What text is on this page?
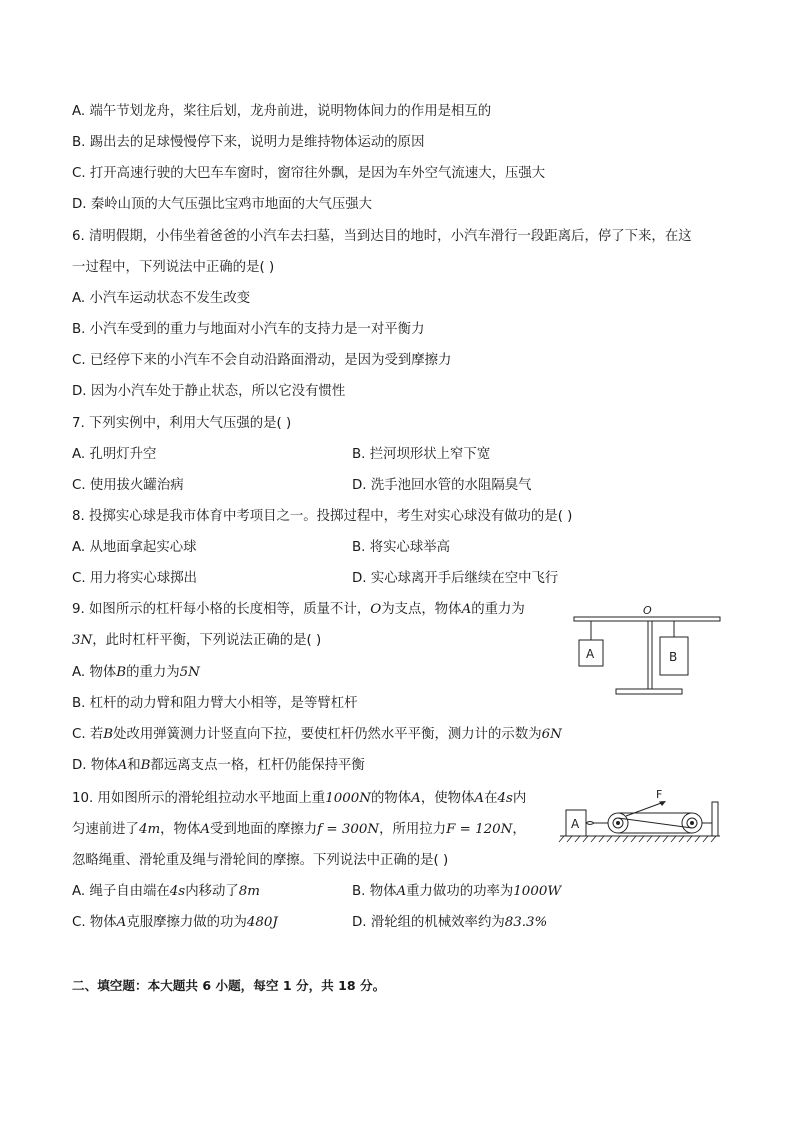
A. 端午节划龙舟，桨往后划，龙舟前进，说明物体间力的作用是相互的
B. 踢出去的足球慢慢停下来，说明力是维持物体运动的原因
C. 打开高速行驶的大巴车车窗时，窗帘往外飘，是因为车外空气流速大，压强大
D. 秦岭山顶的大气压强比宝鸡市地面的大气压强大
6. 清明假期，小伟坐着爸爸的小汽车去扫墓，当到达目的地时，小汽车滑行一段距离后，停了下来，在这
一过程中，下列说法中正确的是( )
A. 小汽车运动状态不发生改变
B. 小汽车受到的重力与地面对小汽车的支持力是一对平衡力
C. 已经停下来的小汽车不会自动沿路面滑动，是因为受到摩擦力
D. 因为小汽车处于静止状态，所以它没有惯性
7. 下列实例中，利用大气压强的是( )
A. 孔明灯升空	B. 拦河坝形状上窄下宽
C. 使用拔火罐治病	D. 洗手池回水管的水阻隔臭气
8. 投掷实心球是我市体育中考项目之一。投掷过程中，考生对实心球没有做功的是( )
A. 从地面拿起实心球	B. 将实心球举高
C. 用力将实心球掷出	D. 实心球离开手后继续在空中飞行
9. 如图所示的杠杆每小格的长度相等，质量不计，O为支点，物体A的重力为
3N，此时杠杆平衡，下列说法正确的是( )
A. 物体B的重力为5N
B. 杠杆的动力臂和阻力臂大小相等，是等臂杠杆
C. 若B处改用弹簧测力计竖直向下拉，要使杠杆仍然水平平衡，测力计的示数为6N
D. 物体A和B都远离支点一格，杠杆仍能保持平衡
O
A	B
10. 用如图所示的滑轮组拉动水平地面上重1000N的物体A，使物体A在4s内
匀速前进了4m，物体A受到地面的摩擦力f = 300N，所用拉力F = 120N，
忽略绳重、滑轮重及绳与滑轮间的摩擦。下列说法中正确的是( )
A. 绳子自由端在4s内移动了8m	B. 物体A重力做功的功率为1000W
C. 物体A克服摩擦力做的功为480J	D. 滑轮组的机械效率约为83.3%
A
F
二、填空题：本大题共 6 小题，每空 1 分，共 18 分。
